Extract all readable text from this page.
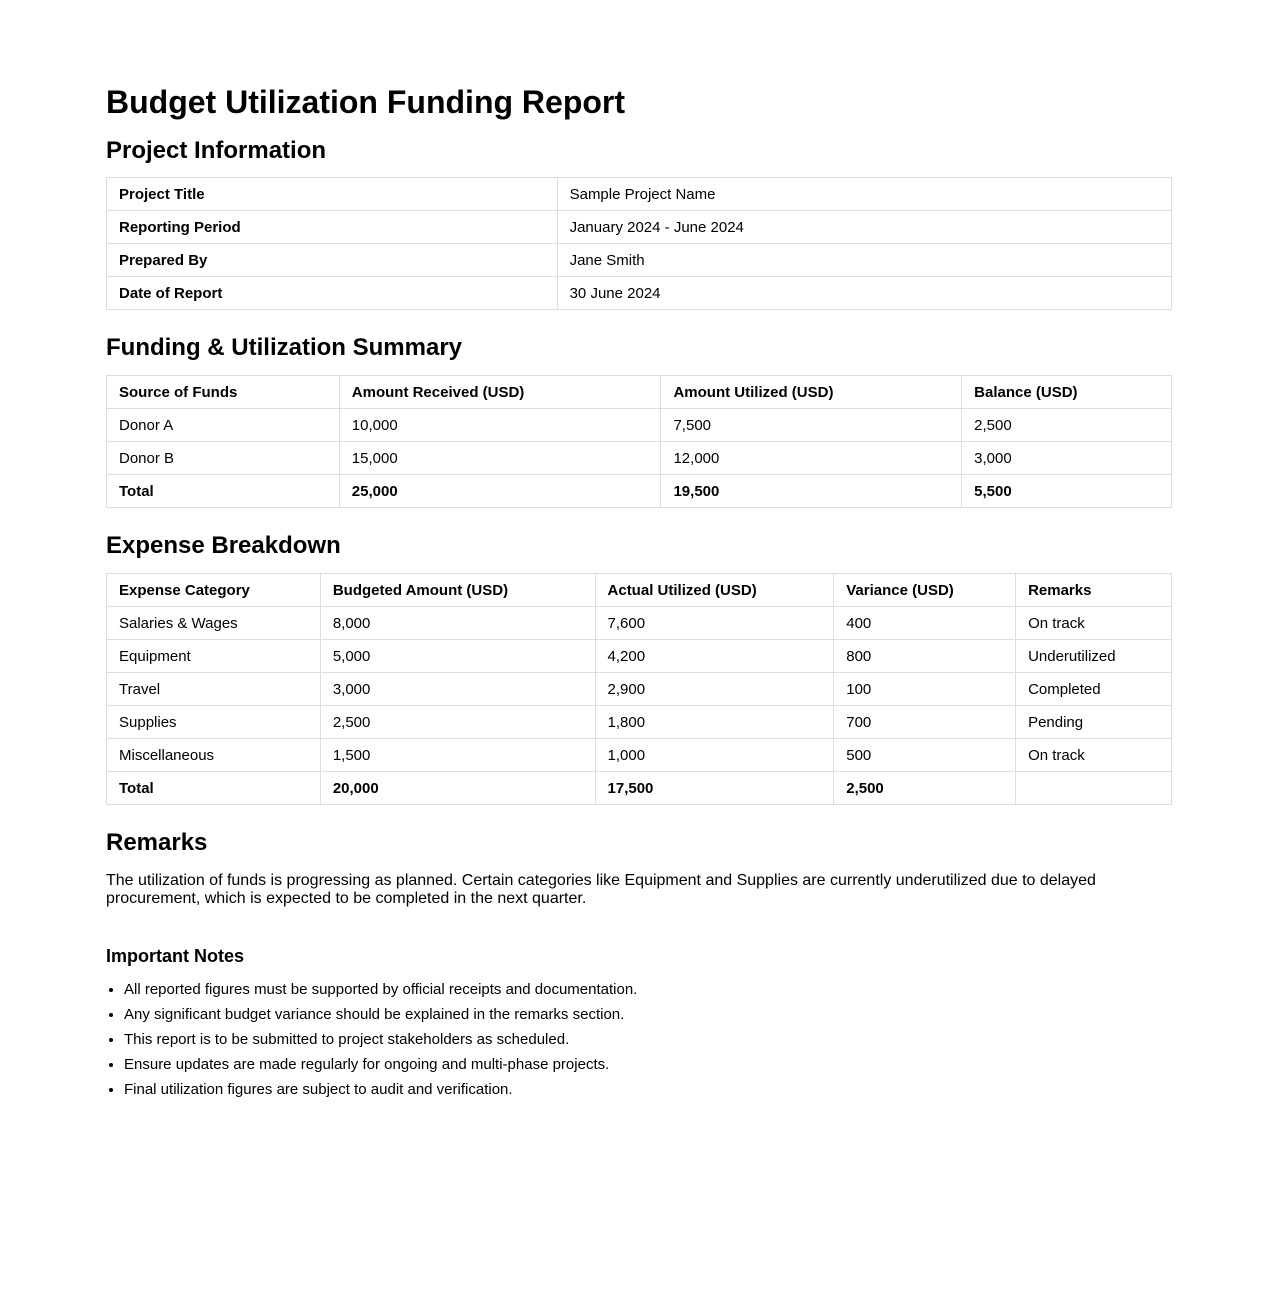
Budget Utilization Funding Report
Project Information
Project Title	Sample Project Name
Reporting Period	January 2024 - June 2024
Prepared By	Jane Smith
Date of Report	30 June 2024
Funding & Utilization Summary
Source of Funds	Amount Received (USD)	Amount Utilized (USD)	Balance (USD)
Donor A	10,000	7,500	2,500
Donor B	15,000	12,000	3,000
Total	25,000	19,500	5,500
Expense Breakdown
Expense Category	Budgeted Amount (USD)	Actual Utilized (USD)	Variance (USD)	Remarks
Salaries & Wages	8,000	7,600	400	On track
Equipment	5,000	4,200	800	Underutilized
Travel	3,000	2,900	100	Completed
Supplies	2,500	1,800	700	Pending
Miscellaneous	1,500	1,000	500	On track
Total	20,000	17,500	2,500	
Remarks

The utilization of funds is progressing as planned. Certain categories like Equipment and Supplies are currently underutilized due to delayed procurement, which is expected to be completed in the next quarter.

Important Notes
• All reported figures must be supported by official receipts and documentation.
• Any significant budget variance should be explained in the remarks section.
• This report is to be submitted to project stakeholders as scheduled.
• Ensure updates are made regularly for ongoing and multi-phase projects.
• Final utilization figures are subject to audit and verification.
